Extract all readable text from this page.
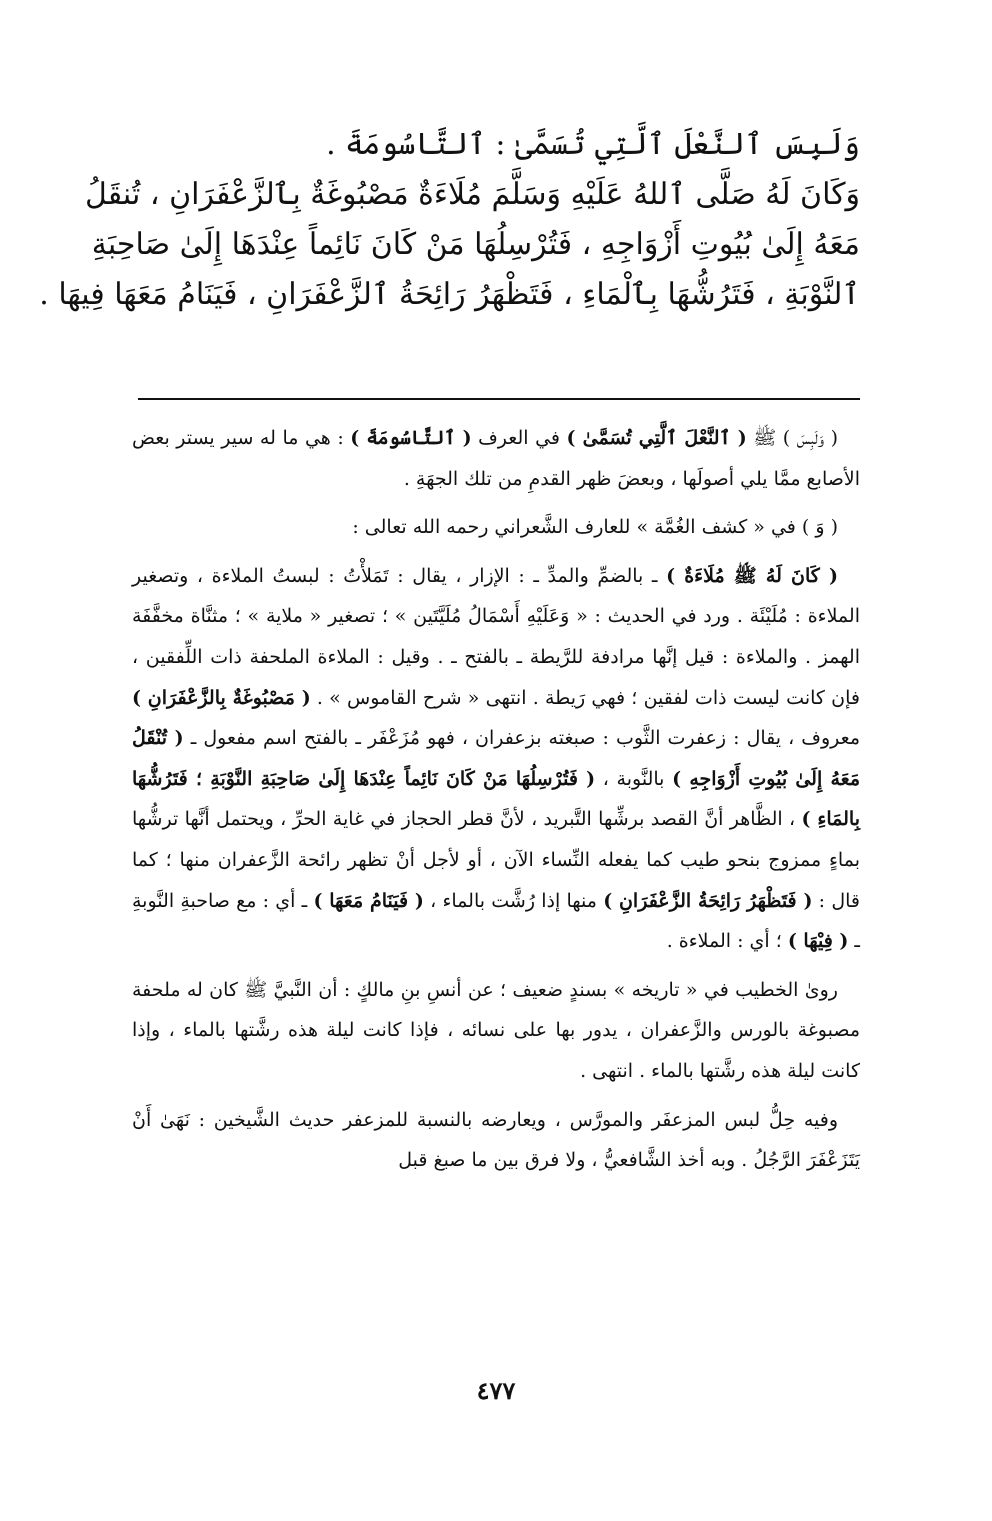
وَلَبِسَ ٱلنَّعْلَ ٱلَّتِي تُسَمَّىٰ : ٱلتَّاسُومَةَ .
وَكَانَ لَهُ صَلَّى ٱللهُ عَلَيْهِ وَسَلَّمَ مُلَاءَةٌ مَصْبُوغَةٌ بِٱلزَّعْفَرَانِ ، تُنقَلُ
مَعَهُ إِلَىٰ بُيُوتِ أَزْوَاجِهِ ، فَتُرْسِلُهَا مَنْ كَانَ نَائِماً عِنْدَهَا إِلَىٰ صَاحِبَةِ
ٱلنَّوْبَةِ ، فَتَرُشُّهَا بِٱلْمَاءِ ، فَتَظْهَرُ رَائِحَةُ ٱلزَّعْفَرَانِ ، فَيَنَامُ مَعَهَا فِيهَا .

( وَلَبِسَ ) ﷺ ( ٱلنَّعْلَ ٱلَّتِي تُسَمَّىٰ ) في العرف ( ٱلتَّاسُومَةَ ) : هي ما له سير يستر بعض الأصابع ممَّا يلي أصولَها ، وبعضَ ظهر القدمِ من تلك الجهَةِ .

( وَ ) في « كشف الغُمَّة » للعارف الشَّعراني رحمه الله تعالى :

( كَانَ لَهُ ﷺ مُلَاءَةٌ ) ـ بالضمِّ والمدِّ ـ : الإزار ، يقال : تَمَلأْتُ : لبستُ الملاءة ، وتصغير الملاءة : مُلَيْئَة . ورد في الحديث : « وَعَلَيْهِ أَسْمَالُ مُلَيَّتَين » ؛ تصغير « ملاية » ؛ مثنَّاة مخفَّفَة الهمز . والملاءة : قيل إنَّها مرادفة للرَّيطة ـ بالفتح ـ . وقيل : الملاءة الملحفة ذات اللِّفقين ، فإن كانت ليست ذات لفقين ؛ فهي رَيطة . انتهى « شرح القاموس » . ( مَصْبُوغَةٌ بِالزَّعْفَرَانِ ) معروف ، يقال : زعفرت الثَّوب : صبغته بزعفران ، فهو مُزَعْفَر ـ بالفتح اسم مفعول ـ ( تُنْقَلُ مَعَهُ إِلَىٰ بُيُوتِ أَزْوَاجِهِ ) بالنَّوبة ، ( فَتُرْسِلُهَا مَنْ كَانَ نَائِماً عِنْدَهَا إِلَىٰ صَاحِبَةِ النَّوْبَةِ ؛ فَتَرُشُّهَا بِالمَاءِ ) ، الظَّاهر أنَّ القصد برشِّها التَّبريد ، لأنَّ قطر الحجاز في غاية الحرِّ ، ويحتمل أنَّها ترشُّها بماءٍ ممزوج بنحو طيب كما يفعله النِّساء الآن ، أو لأجل أنْ تظهر رائحة الزَّعفران منها ؛ كما قال : ( فَتَظْهَرُ رَائِحَةُ الزَّعْفَرَانِ ) منها إذا رُشَّت بالماء ، ( فَيَنَامُ مَعَهَا ) ـ أي : مع صاحبةِ النَّوبةِ ـ ( فِيْهَا ) ؛ أي : الملاءة .

روىٰ الخطيب في « تاريخه » بسندٍ ضعيف ؛ عن أنسِ بنِ مالكٍ : أن النَّبيَّ ﷺ كان له ملحفة مصبوغة بالورس والزَّعفران ، يدور بها على نسائه ، فإذا كانت ليلة هذه رشَّتها بالماء ، وإذا كانت ليلة هذه رشَّتها بالماء . انتهى .

وفيه حِلُّ لبس المزعفَر والمورَّس ، ويعارضه بالنسبة للمزعفر حديث الشَّيخين : نَهَىٰ أَنْ يَتَزَعْفَرَ الرَّجُلُ . وبه أخذ الشَّافعيُّ ، ولا فرق بين ما صبغ قبل

٤٧٧
